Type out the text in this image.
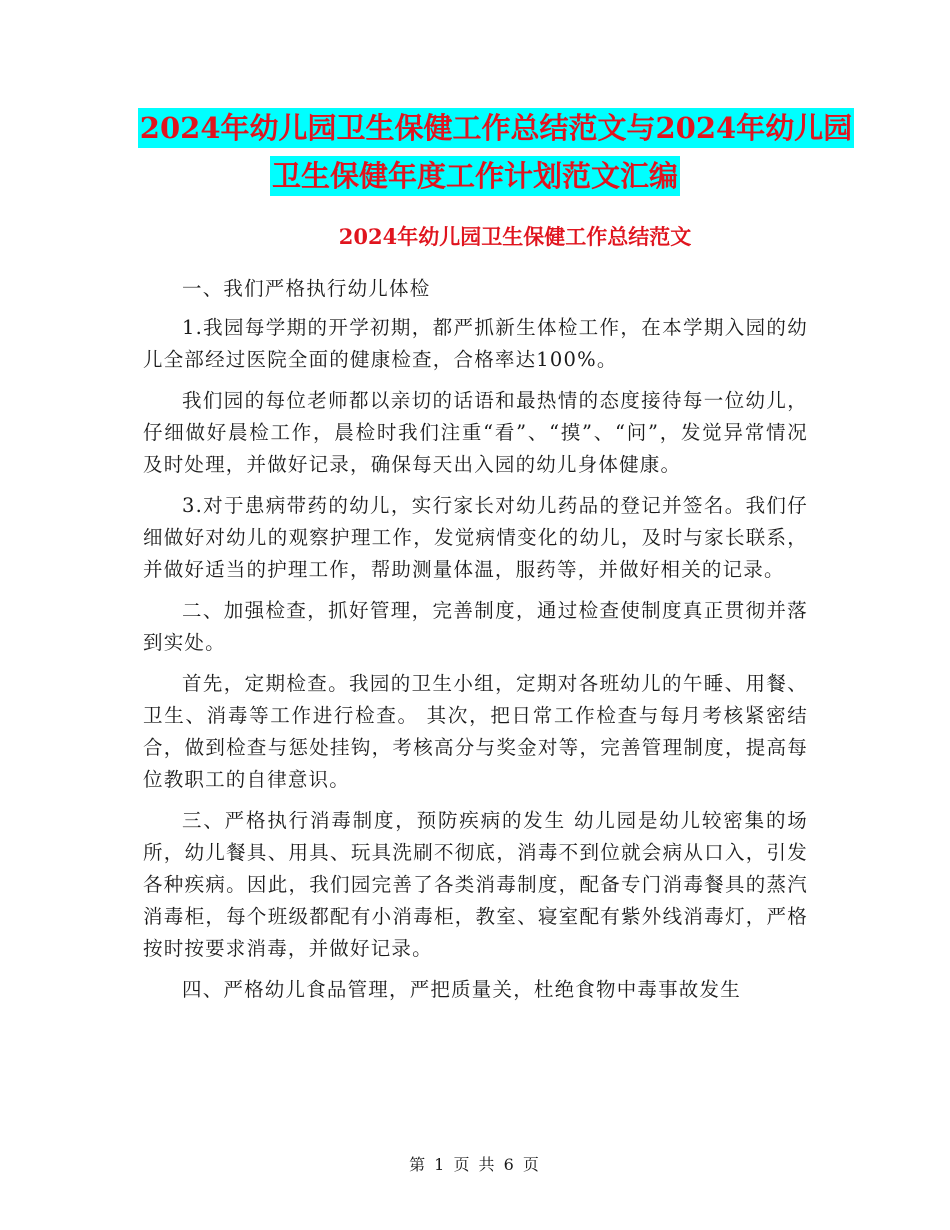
2024年幼儿园卫生保健工作总结范文与2024年幼儿园
卫生保健年度工作计划范文汇编
2024年幼儿园卫生保健工作总结范文

一、我们严格执行幼儿体检

1.我园每学期的开学初期，都严抓新生体检工作，在本学期入园的幼儿全部经过医院全面的健康检查，合格率达100%。

我们园的每位老师都以亲切的话语和最热情的态度接待每一位幼儿，仔细做好晨检工作，晨检时我们注重“看”、“摸”、“问”，发觉异常情况及时处理，并做好记录，确保每天出入园的幼儿身体健康。

3.对于患病带药的幼儿，实行家长对幼儿药品的登记并签名。我们仔细做好对幼儿的观察护理工作，发觉病情变化的幼儿，及时与家长联系，并做好适当的护理工作，帮助测量体温，服药等，并做好相关的记录。

二、加强检查，抓好管理，完善制度，通过检查使制度真正贯彻并落到实处。

首先，定期检查。我园的卫生小组，定期对各班幼儿的午睡、用餐、卫生、消毒等工作进行检查。 其次，把日常工作检查与每月考核紧密结合，做到检查与惩处挂钩，考核高分与奖金对等，完善管理制度，提高每位教职工的自律意识。

三、严格执行消毒制度，预防疾病的发生 幼儿园是幼儿较密集的场所，幼儿餐具、用具、玩具洗刷不彻底，消毒不到位就会病从口入，引发各种疾病。因此，我们园完善了各类消毒制度，配备专门消毒餐具的蒸汽消毒柜，每个班级都配有小消毒柜，教室、寝室配有紫外线消毒灯，严格按时按要求消毒，并做好记录。

四、严格幼儿食品管理，严把质量关，杜绝食物中毒事故发生

第 1 页 共 6 页
